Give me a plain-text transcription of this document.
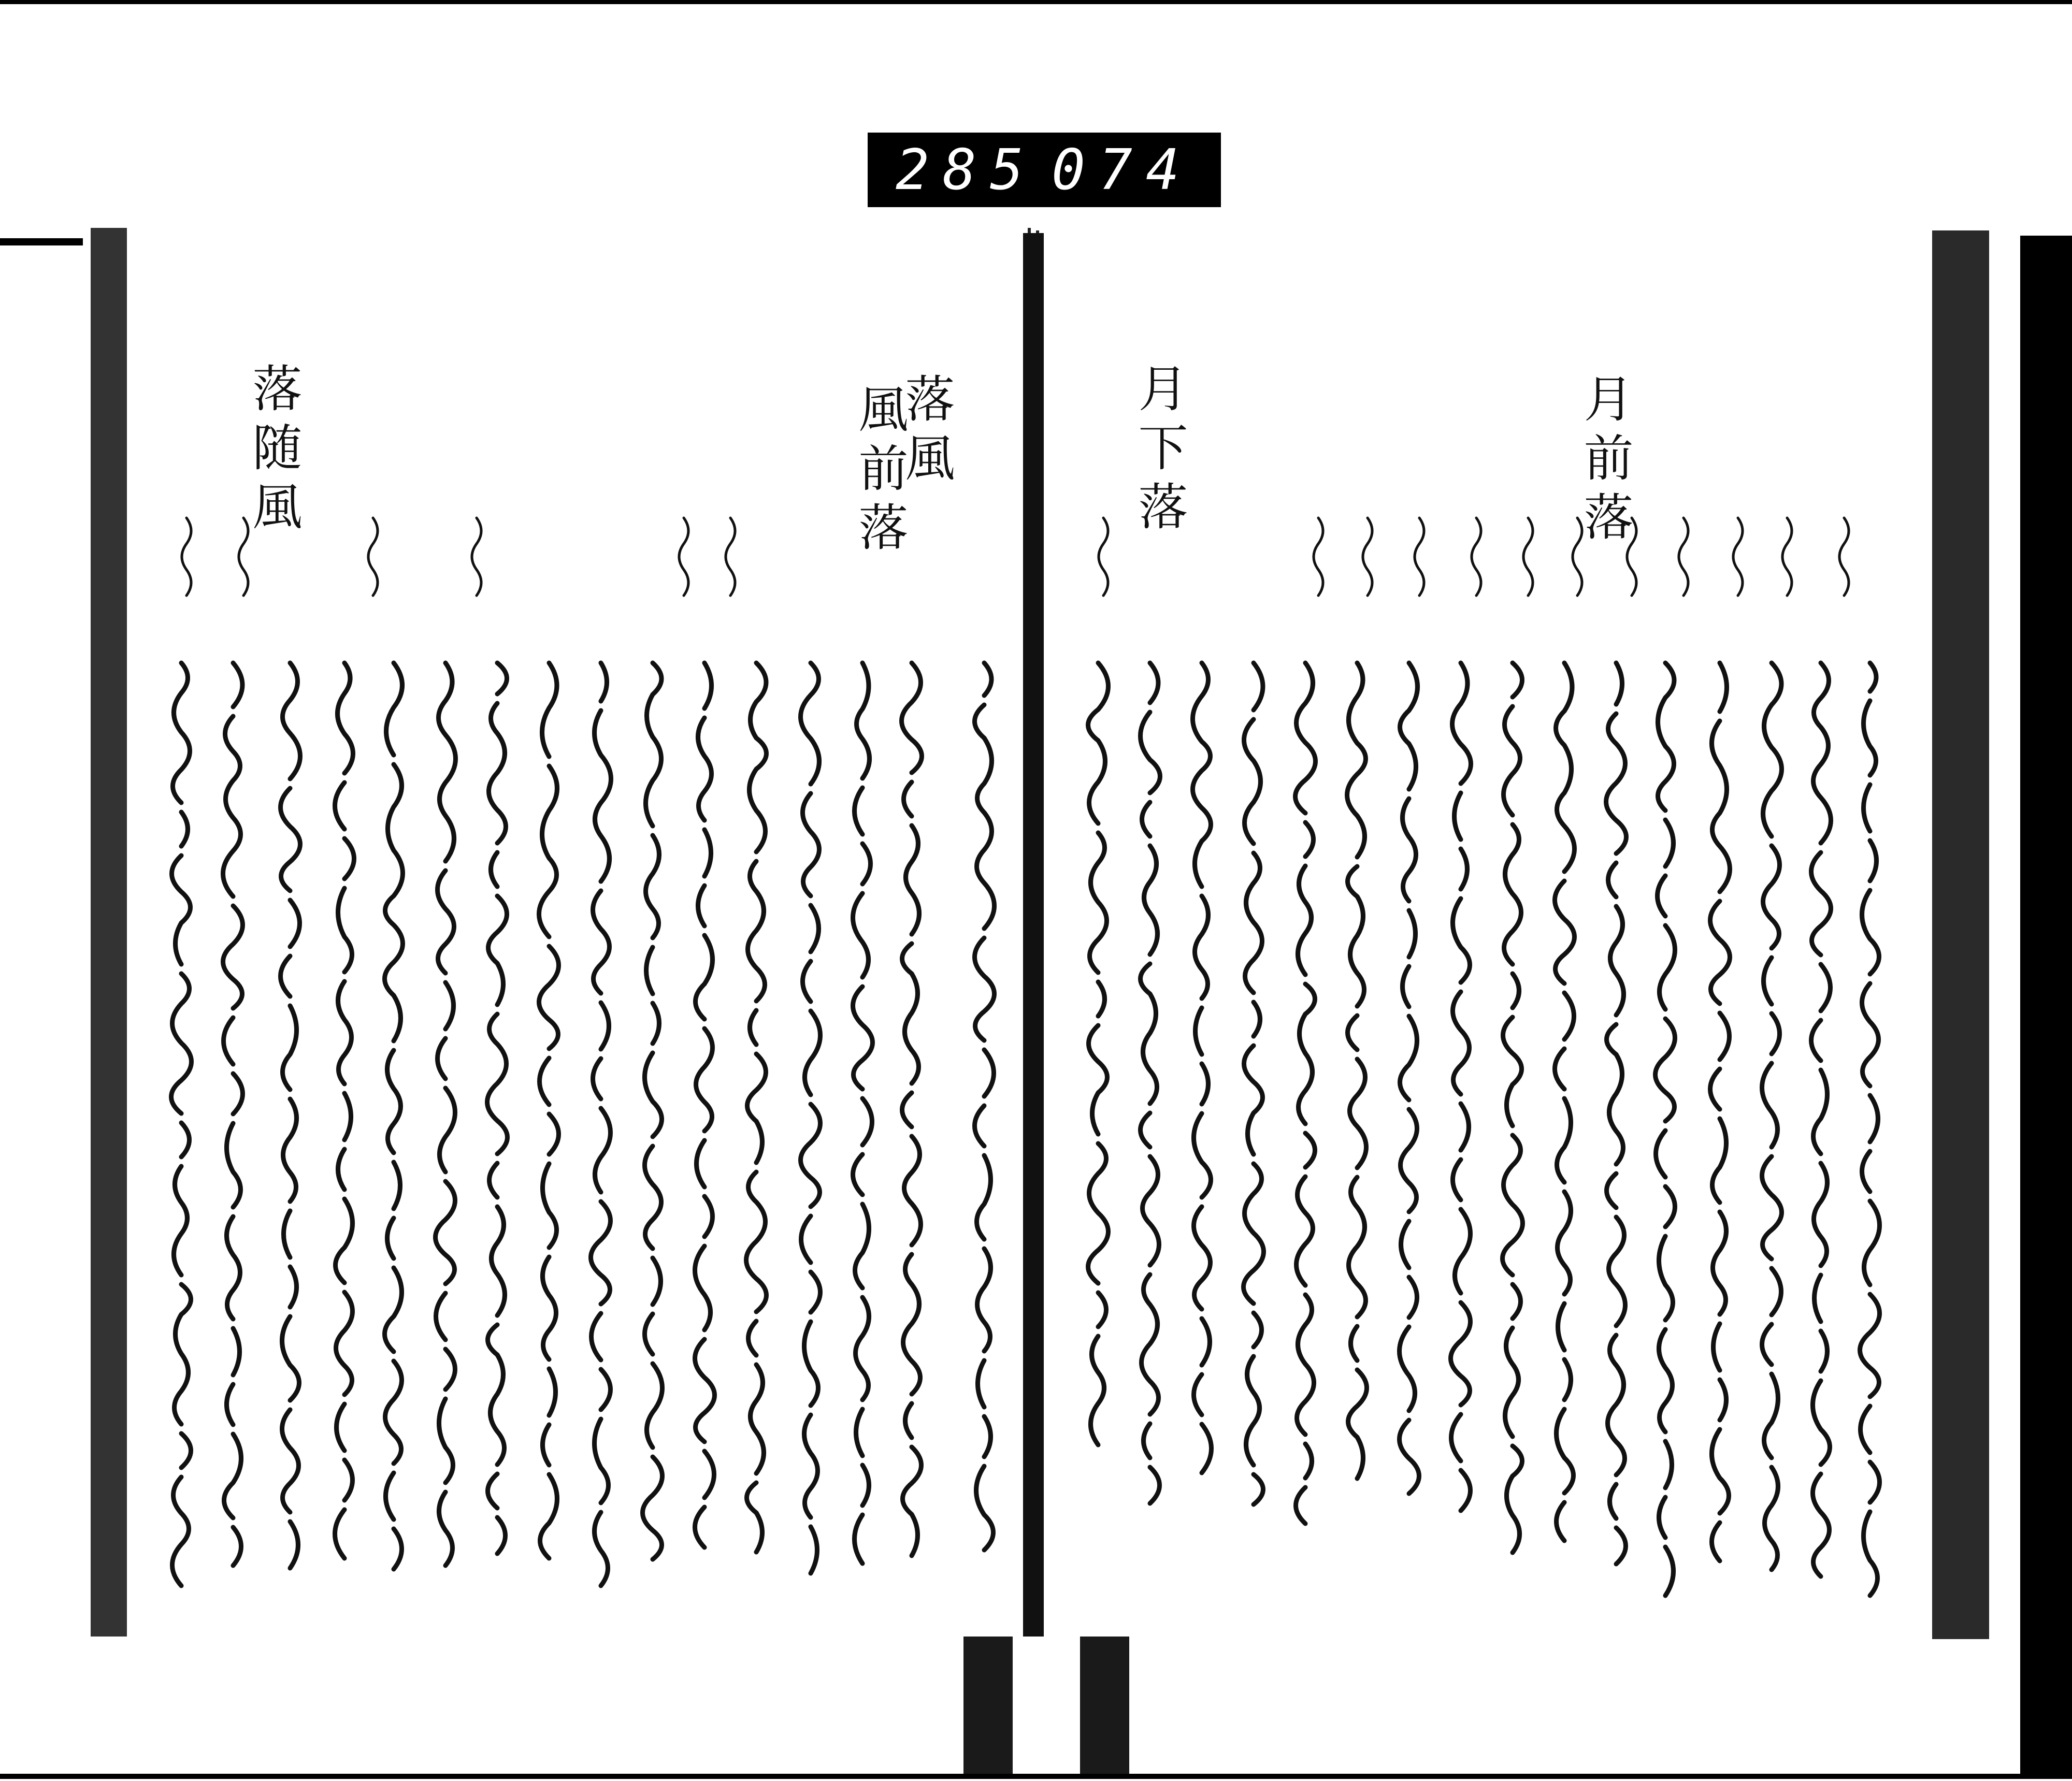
285 074
月前落
月下落
落風
風前落
落随風
